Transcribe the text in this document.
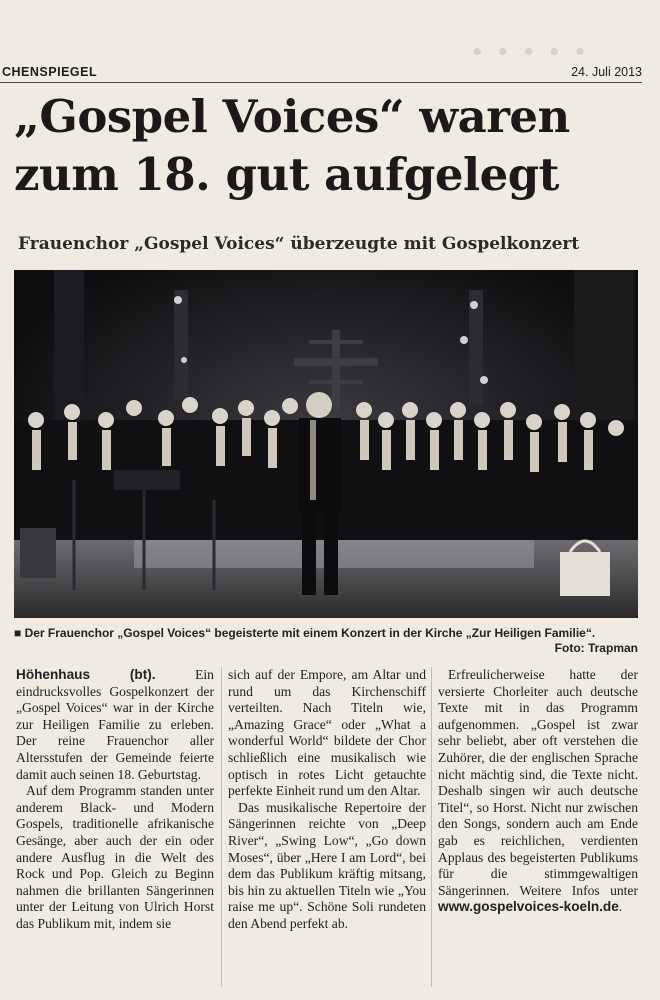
· · · · ·
CHENSPIEGEL	24. Juli 2013
„Gospel Voices“ waren
zum 18. gut aufgelegt
Frauenchor „Gospel Voices“ überzeugte mit Gospelkonzert
■ Der Frauenchor „Gospel Voices“ begeisterte mit einem Konzert in der Kirche „Zur Heiligen Familie“.
Foto: Trapman

Höhenhaus (bt).	Ein eindrucksvolles Gospelkonzert der „Gospel Voices“ war in der Kirche zur Heiligen Familie zu erleben. Der reine Frauenchor aller Altersstufen der Gemeinde feierte damit auch seinen 18. Geburtstag.

Auf dem Programm standen unter anderem Black- und Modern Gospels, traditionelle afrikanische Gesänge, aber auch der ein oder andere Ausflug in die Welt des Rock und Pop. Gleich zu Beginn nahmen die brillanten Sängerinnen unter der Leitung von Ulrich Horst das Publikum mit, indem sie

sich auf der Empore, am Altar und rund um das Kirchenschiff verteilten. Nach Titeln wie, „Amazing Grace“ oder „What a wonderful World“ bildete der Chor schließlich eine musikalisch wie optisch in rotes Licht getauchte perfekte Einheit rund um den Altar.

Das musikalische Repertoire der Sängerinnen reichte von „Deep River“, „Swing Low“, „Go down Moses“, über „Here I am Lord“, bei dem das Publikum kräftig mitsang, bis hin zu aktuellen Titeln wie „You raise me up“. Schöne Soli rundeten den Abend perfekt ab.

Erfreulicherweise hatte der versierte Chorleiter auch deutsche Texte mit in das Programm aufgenommen. „Gospel ist zwar sehr beliebt, aber oft verstehen die Zuhörer, die der englischen Sprache nicht mächtig sind, die Texte nicht. Deshalb singen wir auch deutsche Titel“, so Horst. Nicht nur zwischen den Songs, sondern auch am Ende gab es reichlichen, verdienten Applaus des begeisterten Publikums für die stimmgewaltigen Sängerinnen. Weitere Infos unter www.gospelvoices-koeln.de.
